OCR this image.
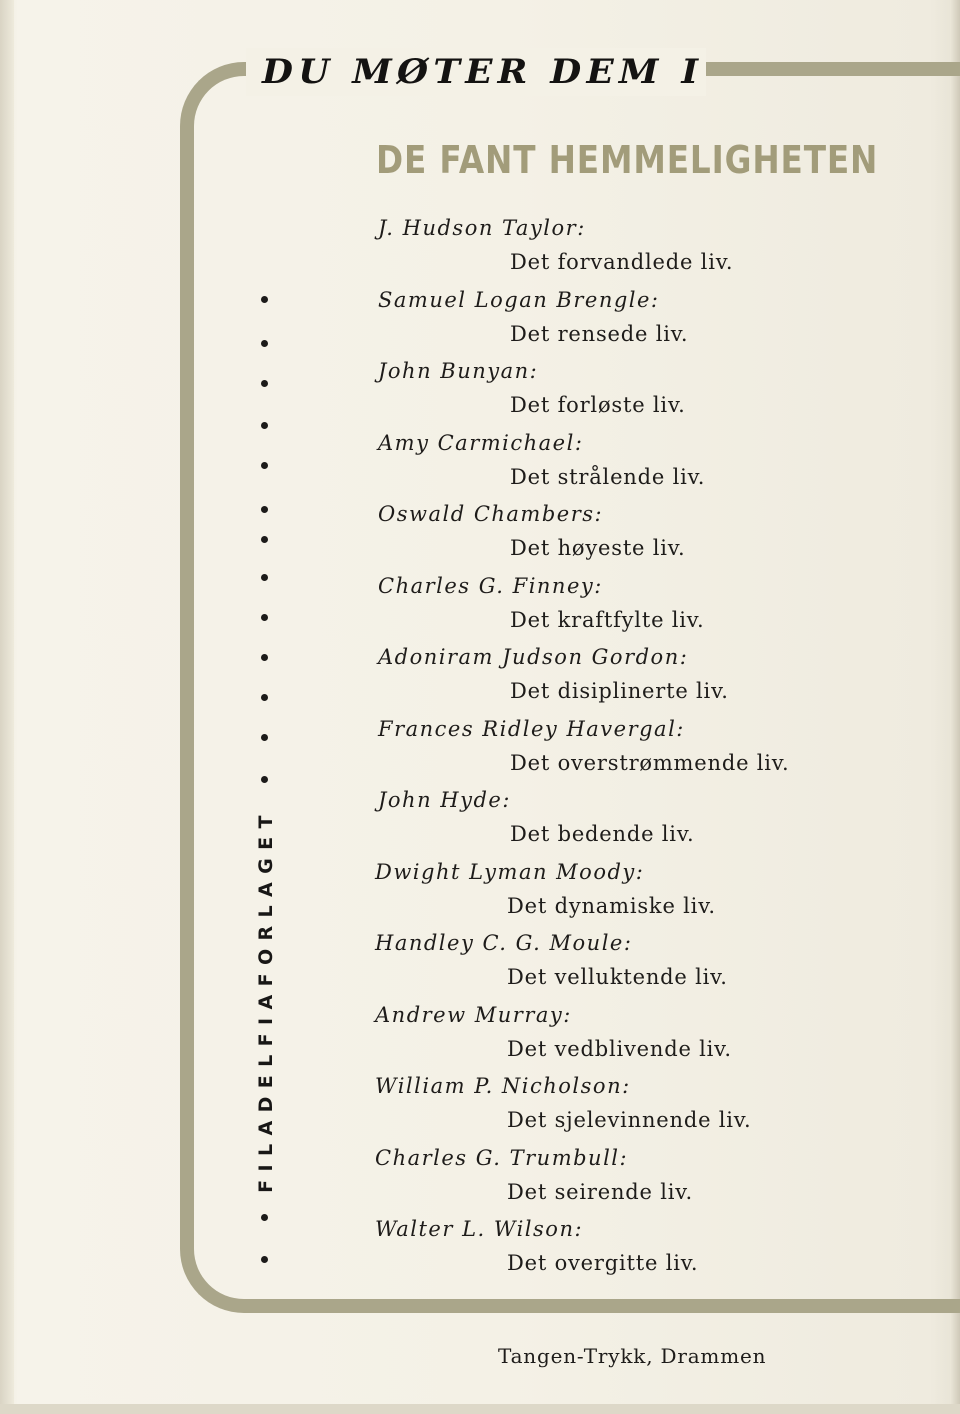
DU MØTER DEM I
DE FANT HEMMELIGHETEN
J. Hudson Taylor:
Det forvandlede liv.
Samuel Logan Brengle:
Det rensede liv.
John Bunyan:
Det forløste liv.
Amy Carmichael:
Det strålende liv.
Oswald Chambers:
Det høyeste liv.
Charles G. Finney:
Det kraftfylte liv.
Adoniram Judson Gordon:
Det disiplinerte liv.
Frances Ridley Havergal:
Det overstrømmende liv.
John Hyde:
Det bedende liv.
Dwight Lyman Moody:
Det dynamiske liv.
Handley C. G. Moule:
Det velluktende liv.
Andrew Murray:
Det vedblivende liv.
William P. Nicholson:
Det sjelevinnende liv.
Charles G. Trumbull:
Det seirende liv.
Walter L. Wilson:
Det overgitte liv.
FILADELFIAFORLAGET
Tangen-Trykk, Drammen
